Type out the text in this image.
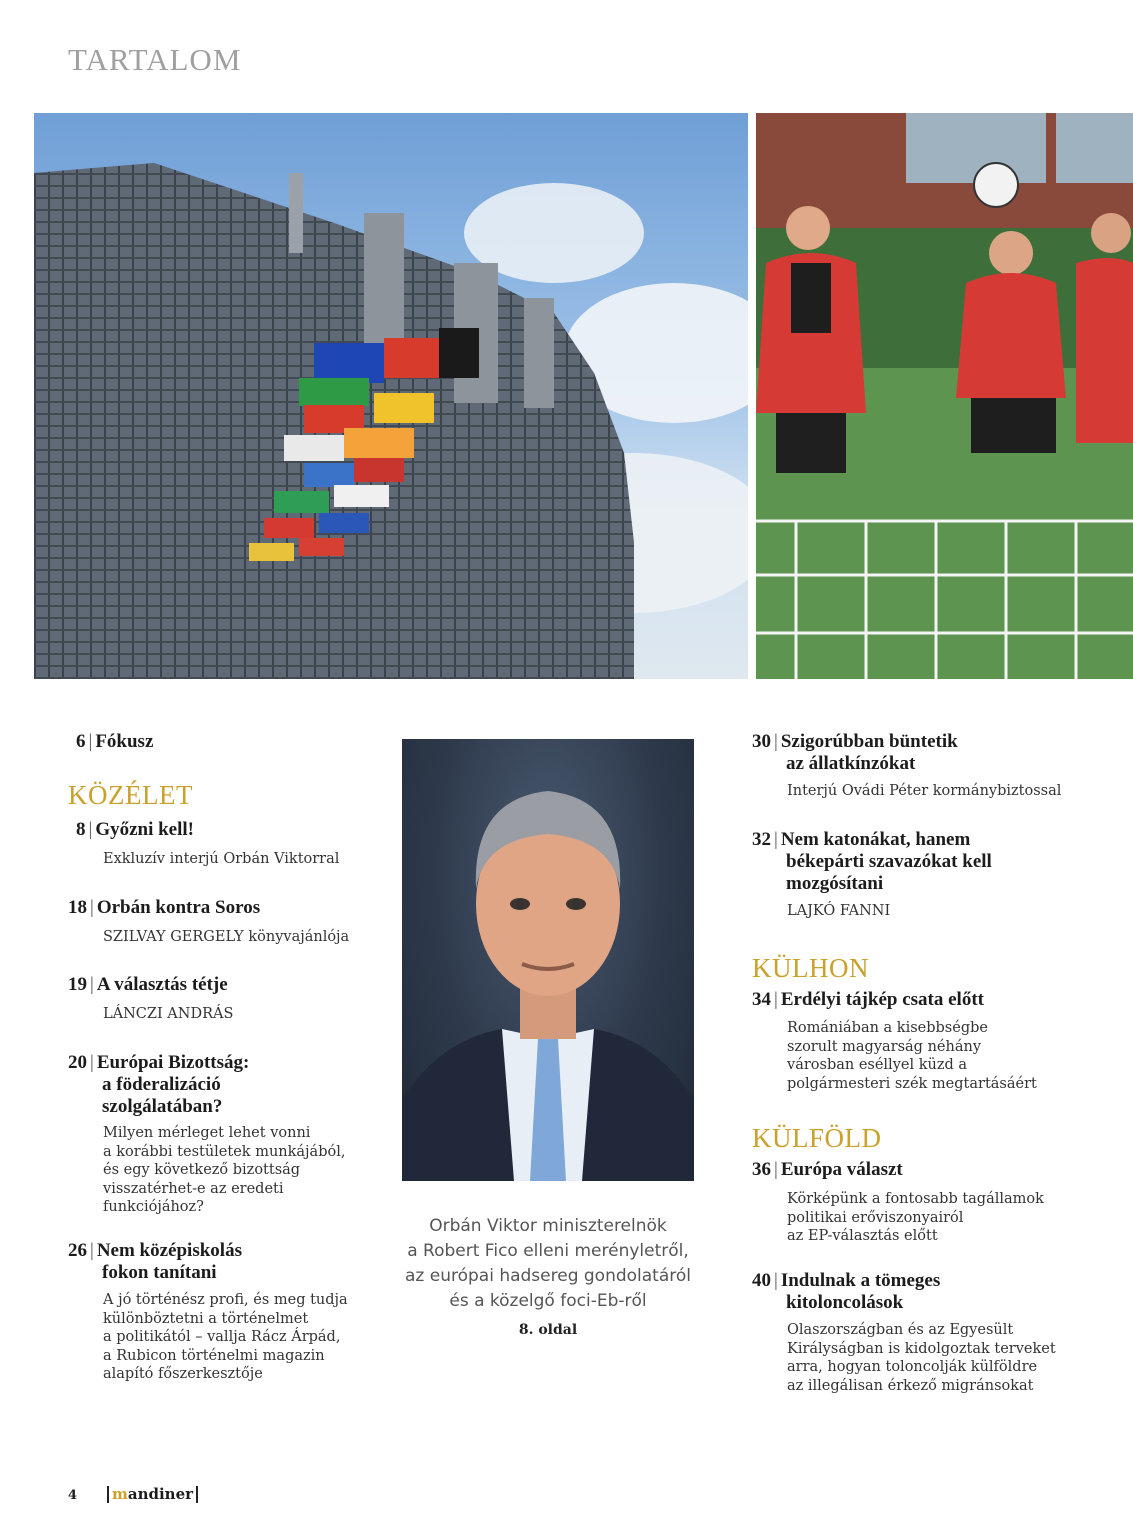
TARTALOM
6 | Fókusz
KÖZÉLET
8 | Győzni kell!
Exkluzív interjú Orbán Viktorral
18 | Orbán kontra Soros
SZILVAY GERGELY könyvajánlója
19 | A választás tétje
LÁNCZI ANDRÁS
20 | Európai Bizottság:
a föderalizáció
szolgálatában?
Milyen mérleget lehet vonni
a korábbi testületek munkájából,
és egy következő bizottság
visszatérhet-e az eredeti
funkciójához?
26 | Nem középiskolás
fokon tanítani
A jó történész profi, és meg tudja
különböztetni a történelmet
a politikától – vallja Rácz Árpád,
a Rubicon történelmi magazin
alapító főszerkesztője
Orbán Viktor miniszterelnök
a Robert Fico elleni merényletről,
az európai hadsereg gondolatáról
és a közelgő foci-Eb-ről
8. oldal
30 | Szigorúbban büntetik
az állatkínzókat
Interjú Ovádi Péter kormánybiztossal
32 | Nem katonákat, hanem
békepárti szavazókat kell
mozgósítani
LAJKÓ FANNI
KÜLHON
34 | Erdélyi tájkép csata előtt
Romániában a kisebbségbe
szorult magyarság néhány
városban eséllyel küzd a
polgármesteri szék megtartásáért
KÜLFÖLD
36 | Európa választ
Körképünk a fontosabb tagállamok
politikai erőviszonyairól
az EP-választás előtt
40 | Indulnak a tömeges
kitoloncolások
Olaszországban és az Egyesült
Királyságban is kidolgoztak terveket
arra, hogyan toloncolják külföldre
az illegálisan érkező migránsokat
4	mandiner
